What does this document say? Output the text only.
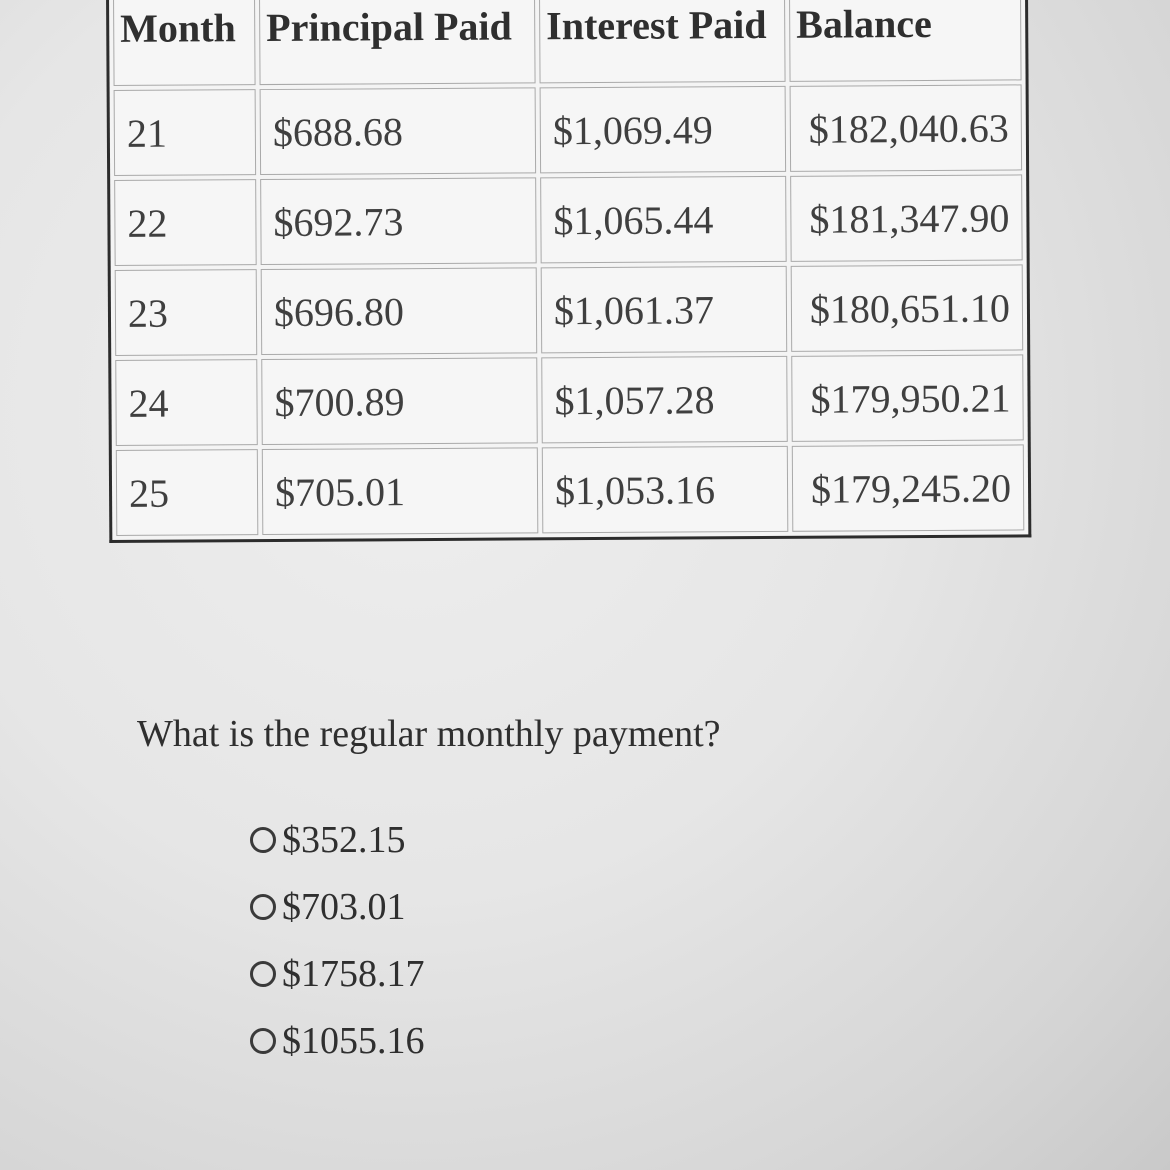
Month	Principal Paid	Interest Paid	Balance
21	$688.68	$1,069.49	$182,040.63
22	$692.73	$1,065.44	$181,347.90
23	$696.80	$1,061.37	$180,651.10
24	$700.89	$1,057.28	$179,950.21
25	$705.01	$1,053.16	$179,245.20
What is the regular monthly payment?
$352.15
$703.01
$1758.17
$1055.16
